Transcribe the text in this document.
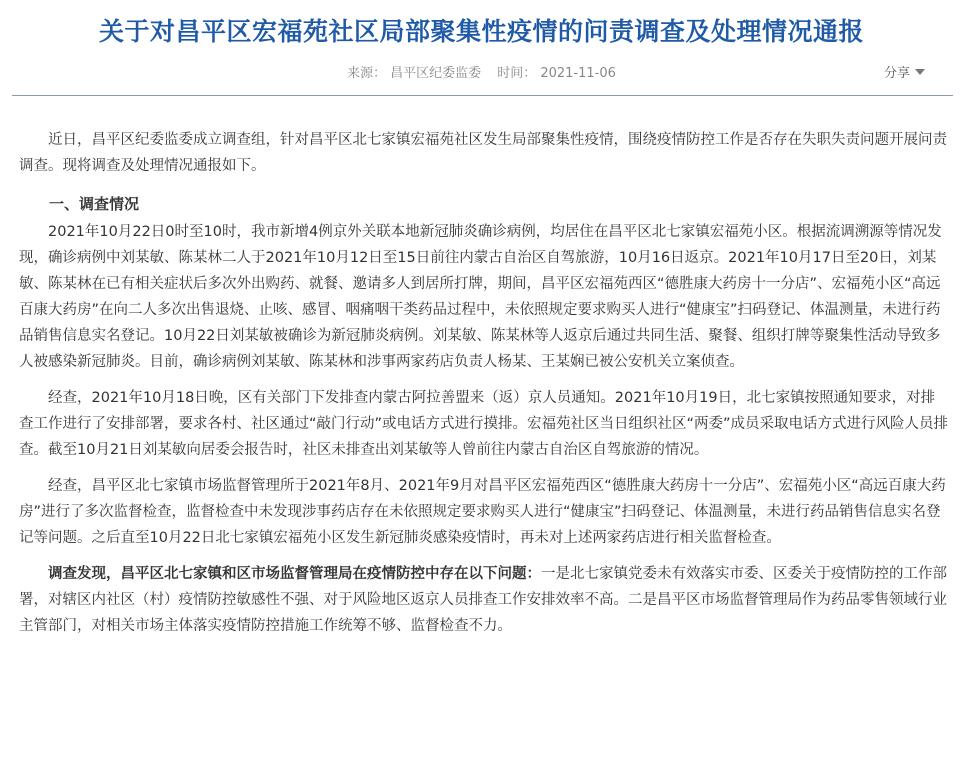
关于对昌平区宏福苑社区局部聚集性疫情的问责调查及处理情况通报
来源： 昌平区纪委监委 时间： 2021-11-06	分享

近日，昌平区纪委监委成立调查组，针对昌平区北七家镇宏福苑社区发生局部聚集性疫情，围绕疫情防控工作是否存在失职失责问题开展问责调查。现将调查及处理情况通报如下。

一、调查情况

2021年10月22日0时至10时，我市新增4例京外关联本地新冠肺炎确诊病例，均居住在昌平区北七家镇宏福苑小区。根据流调溯源等情况发现，确诊病例中刘某敏、陈某林二人于2021年10月12日至15日前往内蒙古自治区自驾旅游，10月16日返京。2021年10月17日至20日，刘某敏、陈某林在已有相关症状后多次外出购药、就餐、邀请多人到居所打牌，期间，昌平区宏福苑西区“德胜康大药房十一分店”、宏福苑小区“高远百康大药房”在向二人多次出售退烧、止咳、感冒、咽痛咽干类药品过程中，未依照规定要求购买人进行“健康宝”扫码登记、体温测量，未进行药品销售信息实名登记。10月22日刘某敏被确诊为新冠肺炎病例。刘某敏、陈某林等人返京后通过共同生活、聚餐、组织打牌等聚集性活动导致多人被感染新冠肺炎。目前，确诊病例刘某敏、陈某林和涉事两家药店负责人杨某、王某娴已被公安机关立案侦查。

经查，2021年10月18日晚，区有关部门下发排查内蒙古阿拉善盟来（返）京人员通知。2021年10月19日，北七家镇按照通知要求，对排查工作进行了安排部署，要求各村、社区通过“敲门行动”或电话方式进行摸排。宏福苑社区当日组织社区“两委”成员采取电话方式进行风险人员排查。截至10月21日刘某敏向居委会报告时，社区未排查出刘某敏等人曾前往内蒙古自治区自驾旅游的情况。

经查，昌平区北七家镇市场监督管理所于2021年8月、2021年9月对昌平区宏福苑西区“德胜康大药房十一分店”、宏福苑小区“高远百康大药房”进行了多次监督检查，监督检查中未发现涉事药店存在未依照规定要求购买人进行“健康宝”扫码登记、体温测量，未进行药品销售信息实名登记等问题。之后直至10月22日北七家镇宏福苑小区发生新冠肺炎感染疫情时，再未对上述两家药店进行相关监督检查。

调查发现，昌平区北七家镇和区市场监督管理局在疫情防控中存在以下问题：一是北七家镇党委未有效落实市委、区委关于疫情防控的工作部署，对辖区内社区（村）疫情防控敏感性不强、对于风险地区返京人员排查工作安排效率不高。二是昌平区市场监督管理局作为药品零售领域行业主管部门，对相关市场主体落实疫情防控措施工作统筹不够、监督检查不力。
